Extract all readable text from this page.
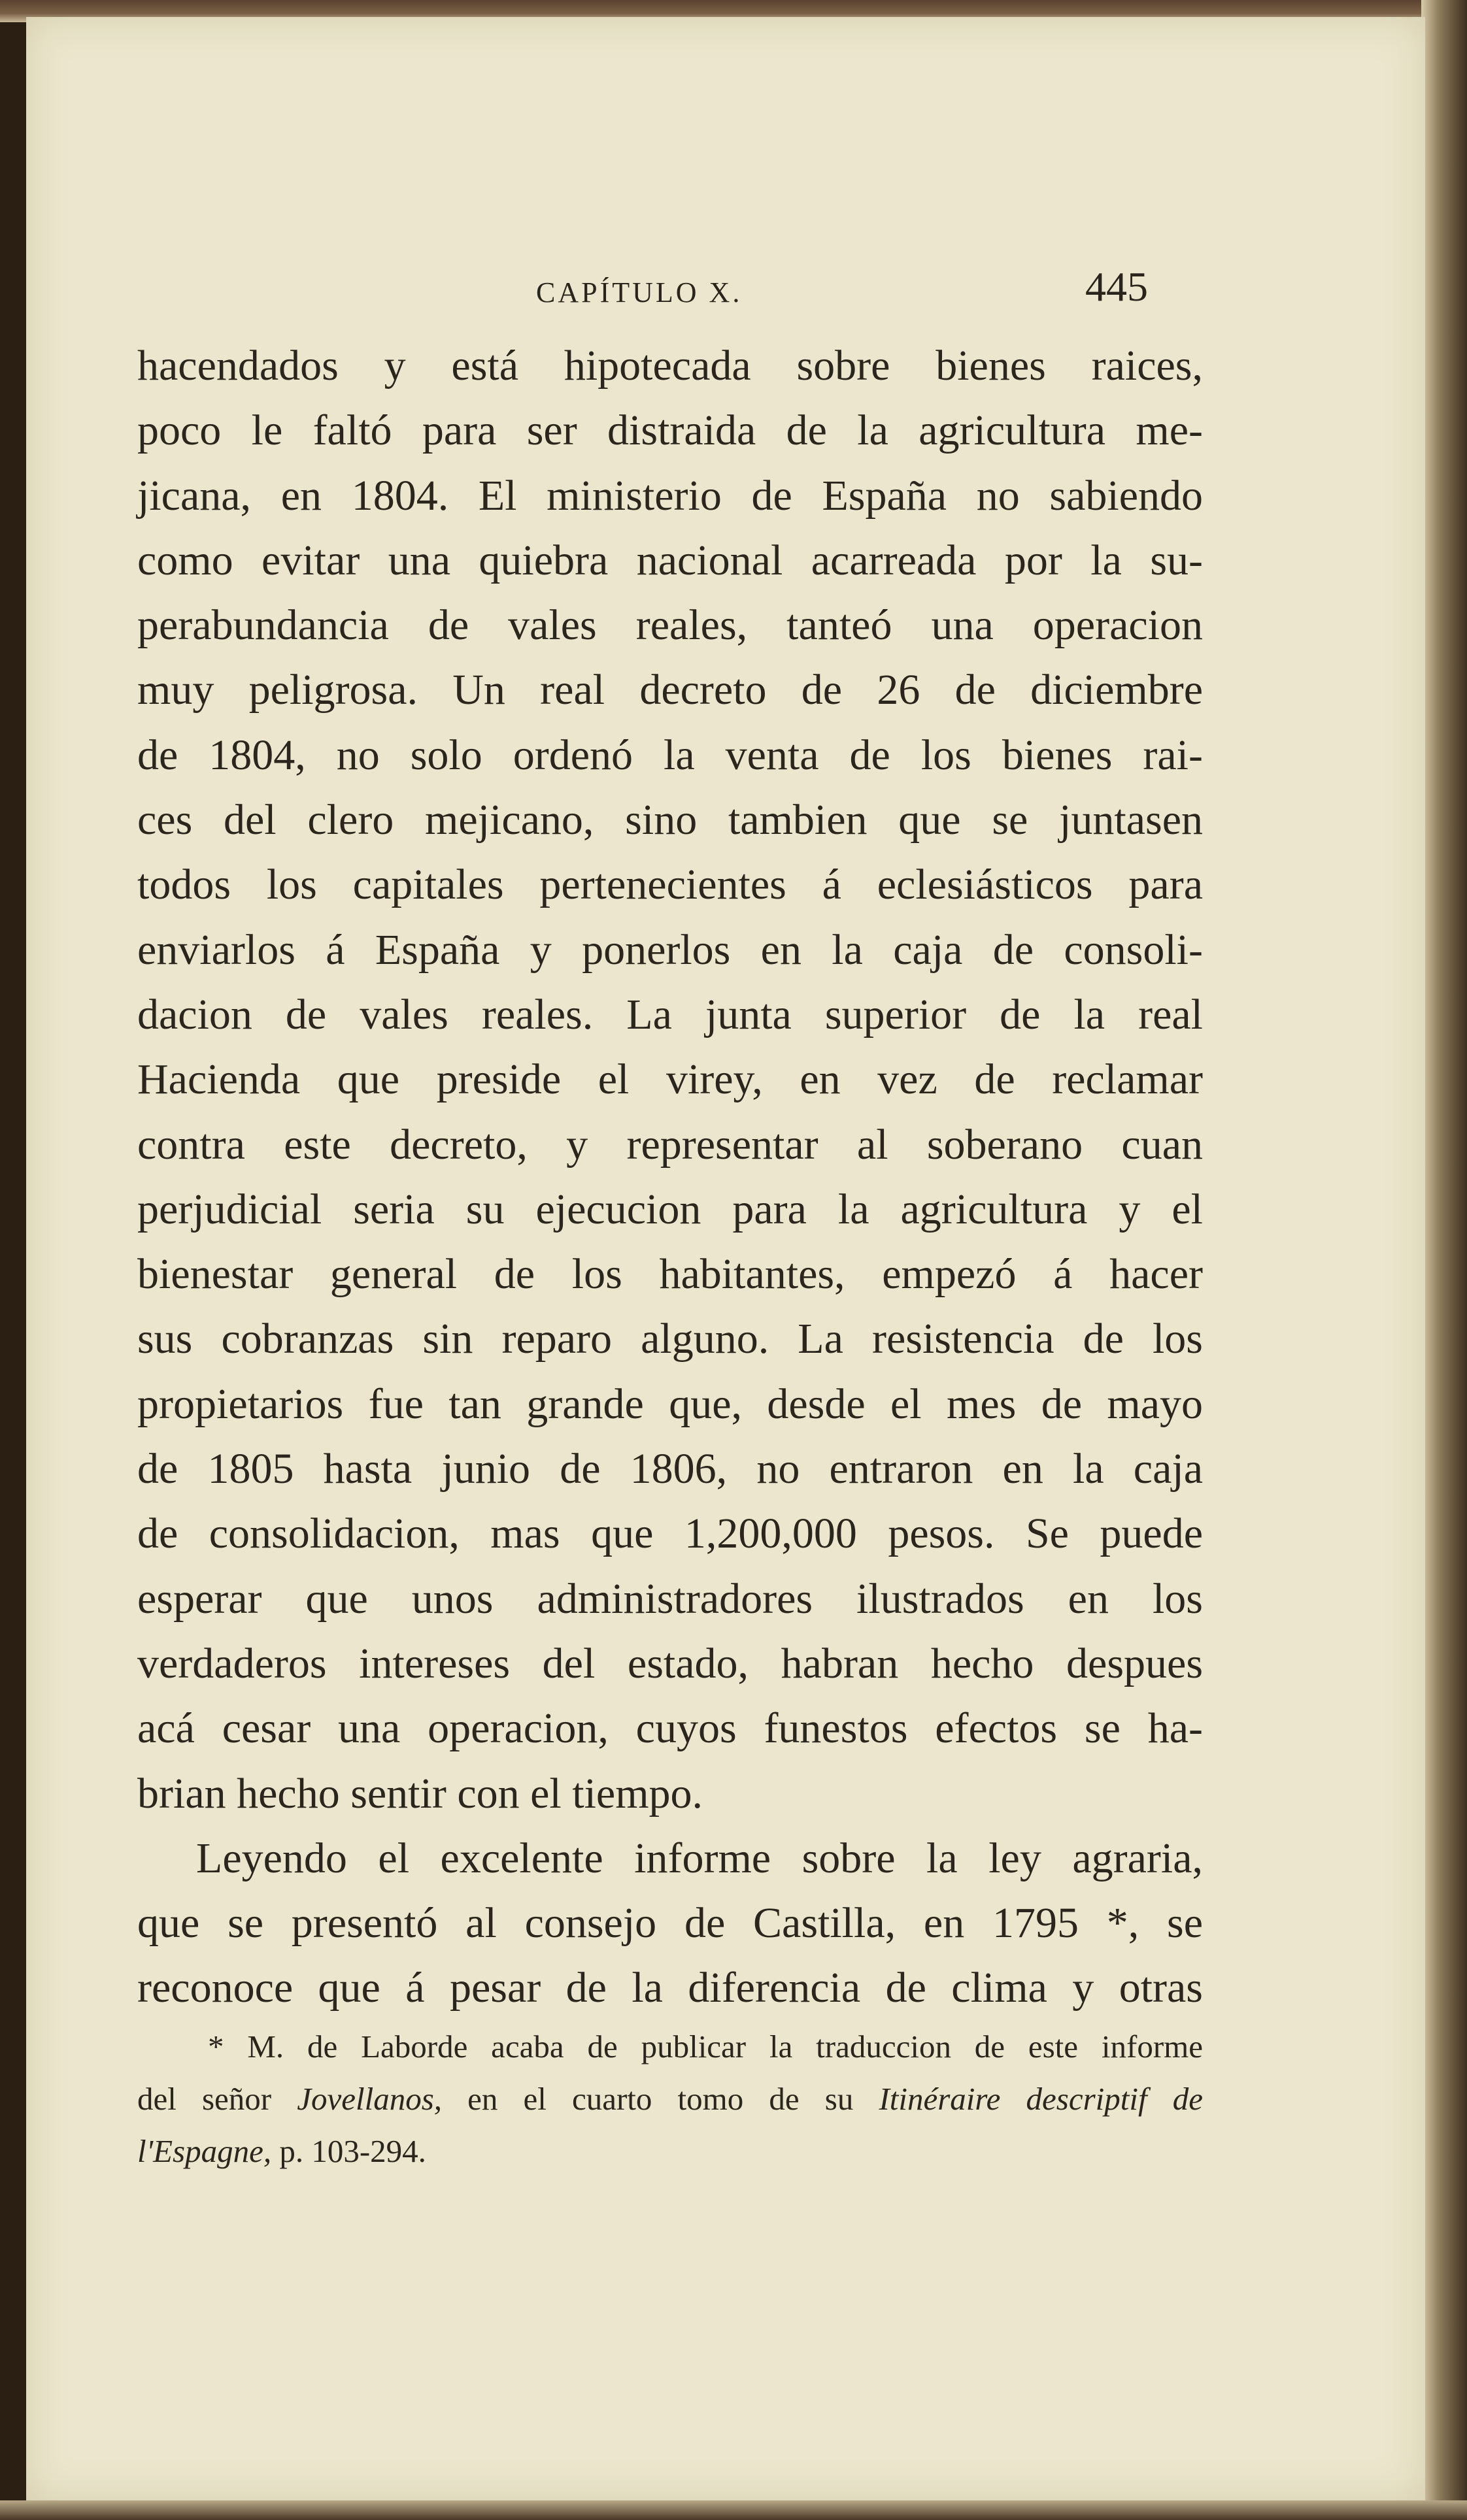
CAPÍTULO X.	445
hacendados y está hipotecada sobre bienes raices,
poco le faltó para ser distraida de la agricultura me-
jicana, en 1804. El ministerio de España no sabiendo
como evitar una quiebra nacional acarreada por la su-
perabundancia de vales reales, tanteó una operacion
muy peligrosa. Un real decreto de 26 de diciembre
de 1804, no solo ordenó la venta de los bienes rai-
ces del clero mejicano, sino tambien que se juntasen
todos los capitales pertenecientes á eclesiásticos para
enviarlos á España y ponerlos en la caja de consoli-
dacion de vales reales. La junta superior de la real
Hacienda que preside el virey, en vez de reclamar
contra este decreto, y representar al soberano cuan
perjudicial seria su ejecucion para la agricultura y el
bienestar general de los habitantes, empezó á hacer
sus cobranzas sin reparo alguno. La resistencia de los
propietarios fue tan grande que, desde el mes de mayo
de 1805 hasta junio de 1806, no entraron en la caja
de consolidacion, mas que 1,200,000 pesos. Se puede
esperar que unos administradores ilustrados en los
verdaderos intereses del estado, habran hecho despues
acá cesar una operacion, cuyos funestos efectos se ha-
brian hecho sentir con el tiempo.
Leyendo el excelente informe sobre la ley agraria,
que se presentó al consejo de Castilla, en 1795 *, se
reconoce que á pesar de la diferencia de clima y otras
* M. de Laborde acaba de publicar la traduccion de este informe
del señor Jovellanos, en el cuarto tomo de su Itinéraire descriptif de
l'Espagne, p. 103-294.
